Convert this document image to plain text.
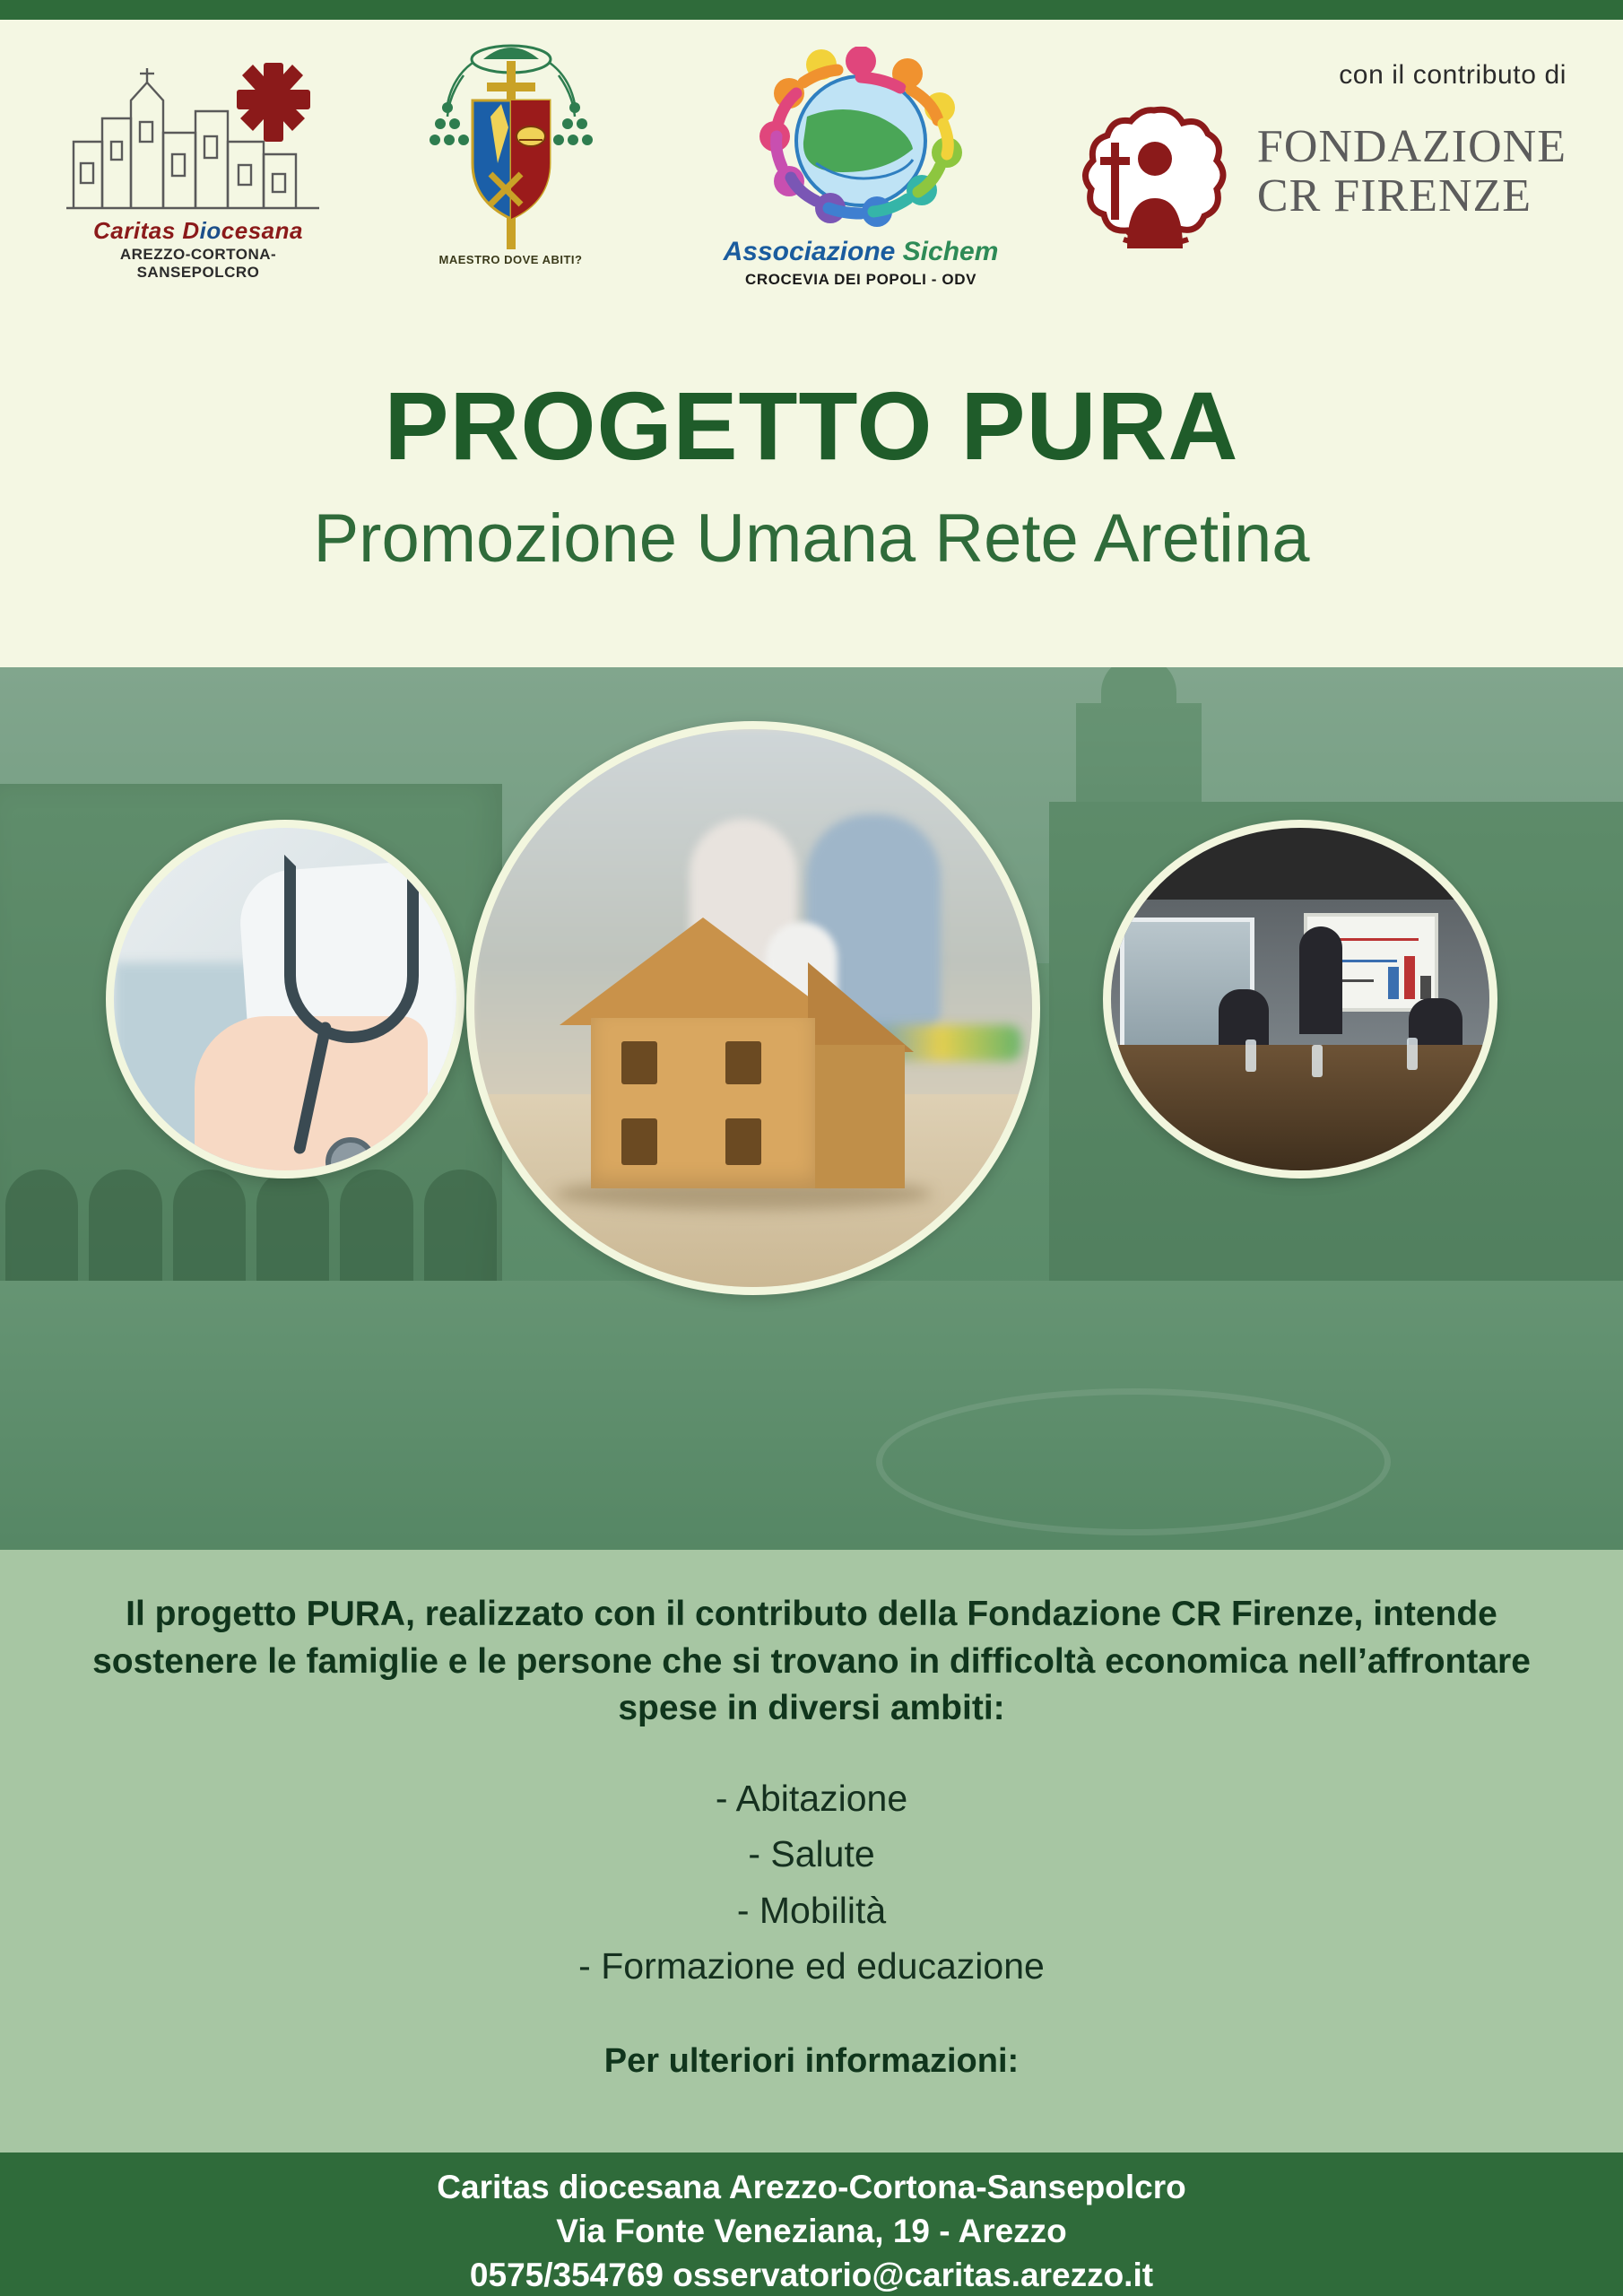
Caritas Diocesana
AREZZO-CORTONA-SANSEPOLCRO
MAESTRO DOVE ABITI?	Associazione Sichem
CROCEVIA DEI POPOLI - ODV
con il contributo di
FONDAZIONE
CR FIRENZE
PROGETTO PURA
Promozione Umana Rete Aretina
Il progetto PURA, realizzato con il contributo della Fondazione CR Firenze, intende sostenere le famiglie e le persone che si trovano in difficoltà economica nell’affrontare spese in diversi ambiti:
- Abitazione
- Salute
- Mobilità
- Formazione ed educazione
Per ulteriori informazioni:
Caritas diocesana Arezzo-Cortona-Sansepolcro
Via Fonte Veneziana, 19 - Arezzo
0575/354769 osservatorio@caritas.arezzo.it
